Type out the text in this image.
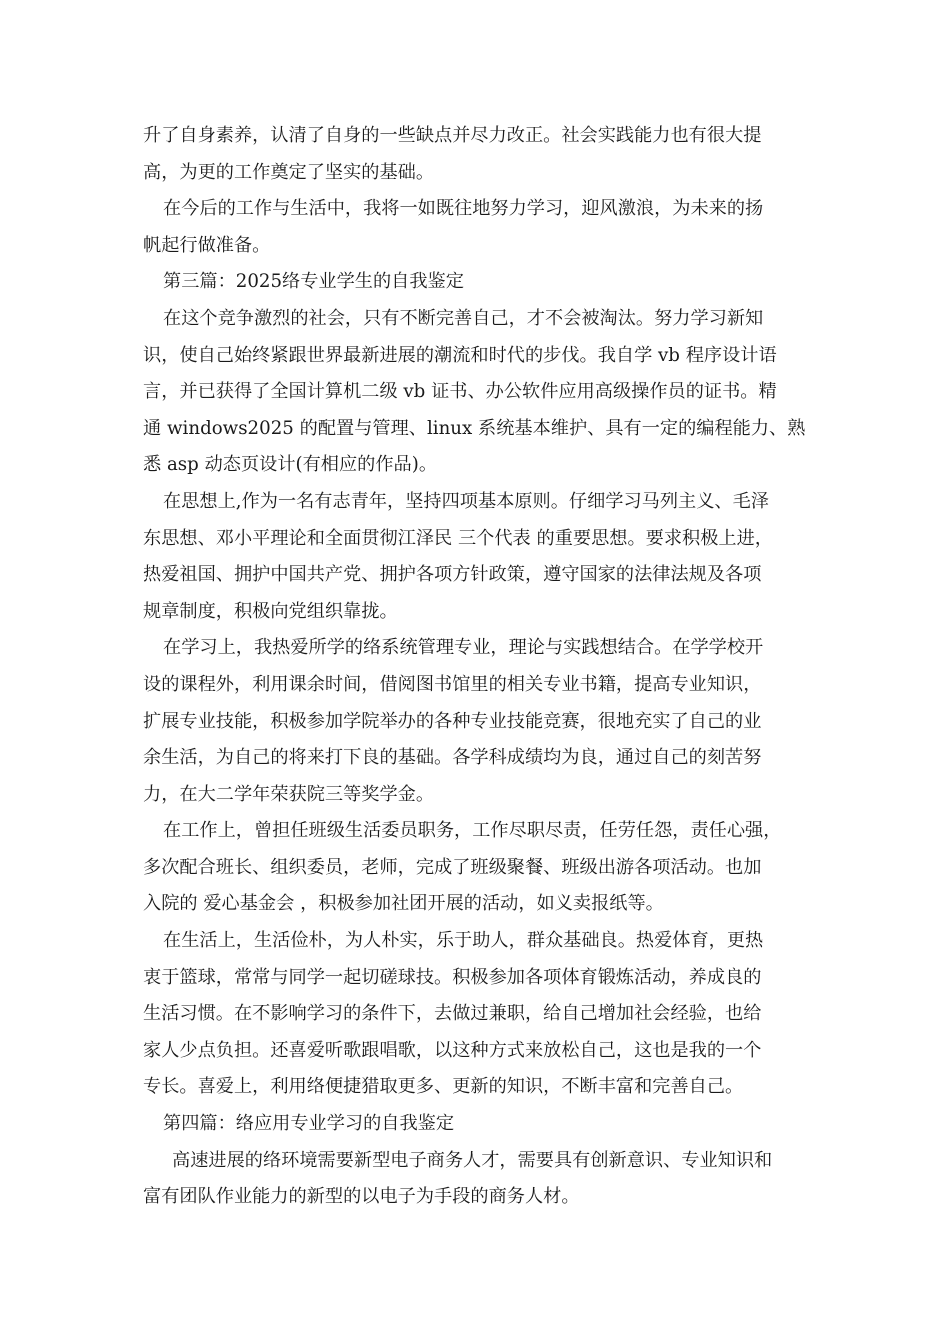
升了自身素养，认清了自身的一些缺点并尽力改正。社会实践能力也有很大提
高，为更的工作奠定了坚实的基础。
在今后的工作与生活中，我将一如既往地努力学习，迎风激浪，为未来的扬
帆起行做准备。
第三篇：2025络专业学生的自我鉴定
在这个竞争激烈的社会，只有不断完善自己，才不会被淘汰。努力学习新知
识，使自己始终紧跟世界最新进展的潮流和时代的步伐。我自学 vb 程序设计语
言，并已获得了全国计算机二级 vb 证书、办公软件应用高级操作员的证书。精
通 windows2025 的配置与管理、linux 系统基本维护、具有一定的编程能力、熟
悉 asp 动态页设计(有相应的作品)。
在思想上,作为一名有志青年，坚持四项基本原则。仔细学习马列主义、毛泽
东思想、邓小平理论和全面贯彻江泽民 三个代表 的重要思想。要求积极上进，
热爱祖国、拥护中国共产党、拥护各项方针政策，遵守国家的法律法规及各项
规章制度，积极向党组织靠拢。
在学习上，我热爱所学的络系统管理专业，理论与实践想结合。在学学校开
设的课程外，利用课余时间，借阅图书馆里的相关专业书籍，提高专业知识，
扩展专业技能，积极参加学院举办的各种专业技能竞赛，很地充实了自己的业
余生活，为自己的将来打下良的基础。各学科成绩均为良，通过自己的刻苦努
力，在大二学年荣获院三等奖学金。
在工作上，曾担任班级生活委员职务，工作尽职尽责，任劳任怨，责任心强，
多次配合班长、组织委员，老师，完成了班级聚餐、班级出游各项活动。也加
入院的 爱心基金会 ，积极参加社团开展的活动，如义卖报纸等。
在生活上，生活俭朴，为人朴实，乐于助人，群众基础良。热爱体育，更热
衷于篮球，常常与同学一起切磋球技。积极参加各项体育锻炼活动，养成良的
生活习惯。在不影响学习的条件下，去做过兼职，给自己增加社会经验，也给
家人少点负担。还喜爱听歌跟唱歌，以这种方式来放松自己，这也是我的一个
专长。喜爱上，利用络便捷猎取更多、更新的知识，不断丰富和完善自己。
第四篇：络应用专业学习的自我鉴定
高速进展的络环境需要新型电子商务人才，需要具有创新意识、专业知识和
富有团队作业能力的新型的以电子为手段的商务人材。
